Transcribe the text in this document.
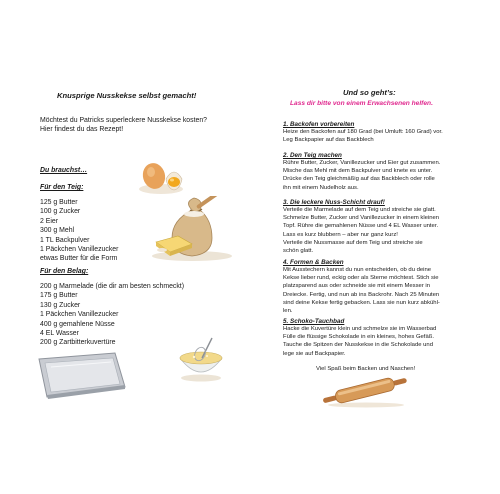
Knusprige Nusskekse selbst gemacht!
Möchtest du Patricks superleckere Nusskekse kosten?
Hier findest du das Rezept!
Du brauchst…
Für den Teig:
125 g Butter
100 g Zucker
2 Eier
300 g Mehl
1 TL Backpulver
1 Päckchen Vanillezucker
etwas Butter für die Form
Für den Belag:
200 g Marmelade (die dir am besten schmeckt)
175 g Butter
130 g Zucker
1 Päckchen Vanillezucker
400 g gemahlene Nüsse
4 EL Wasser
200 g Zartbitterkuvertüre
Und so geht’s:
Lass dir bitte von einem Erwachsenen helfen.
1. Backofen vorbereiten
Heize den Backofen auf 180 Grad (bei Umluft: 160 Grad) vor.
Leg Backpapier auf das Backblech
2. Den Teig machen
Rühre Butter, Zucker, Vanillezucker und Eier gut zusammen.
Mische das Mehl mit dem Backpulver und knete es unter.
Drücke den Teig gleichmäßig auf das Backblech oder rolle
ihn mit einem Nudelholz aus.
3. Die leckere Nuss-Schicht drauf!
Verteile die Marmelade auf dem Teig und streiche sie glatt.
Schmelze Butter, Zucker und Vanillezucker in einem kleinen
Topf. Rühre die gemahlenen Nüsse und 4 EL Wasser unter.
Lass es kurz blubbern – aber nur ganz kurz!
Verteile die Nussmasse auf dem Teig und streiche sie
schön glatt.
4. Formen & Backen
Mit Ausstechern kannst du nun entscheiden, ob du deine
Kekse lieber rund, eckig oder als Sterne möchtest. Stich sie
platzsparend aus oder schneide sie mit einem Messer in
Dreiecke. Fertig, und nun ab ins Backrohr. Nach 25 Minuten
sind deine Kekse fertig gebacken. Lass sie nun kurz abkühl-
len.
5. Schoko-Tauchbad
Hacke die Kuvertüre klein und schmelze sie im Wasserbad
Fülle die flüssige Schokolade in ein kleines, hohes Gefäß.
Tauche die Spitzen der Nusskekse in die Schokolade und
lege sie auf Backpapier.
Viel Spaß beim Backen und Naschen!
